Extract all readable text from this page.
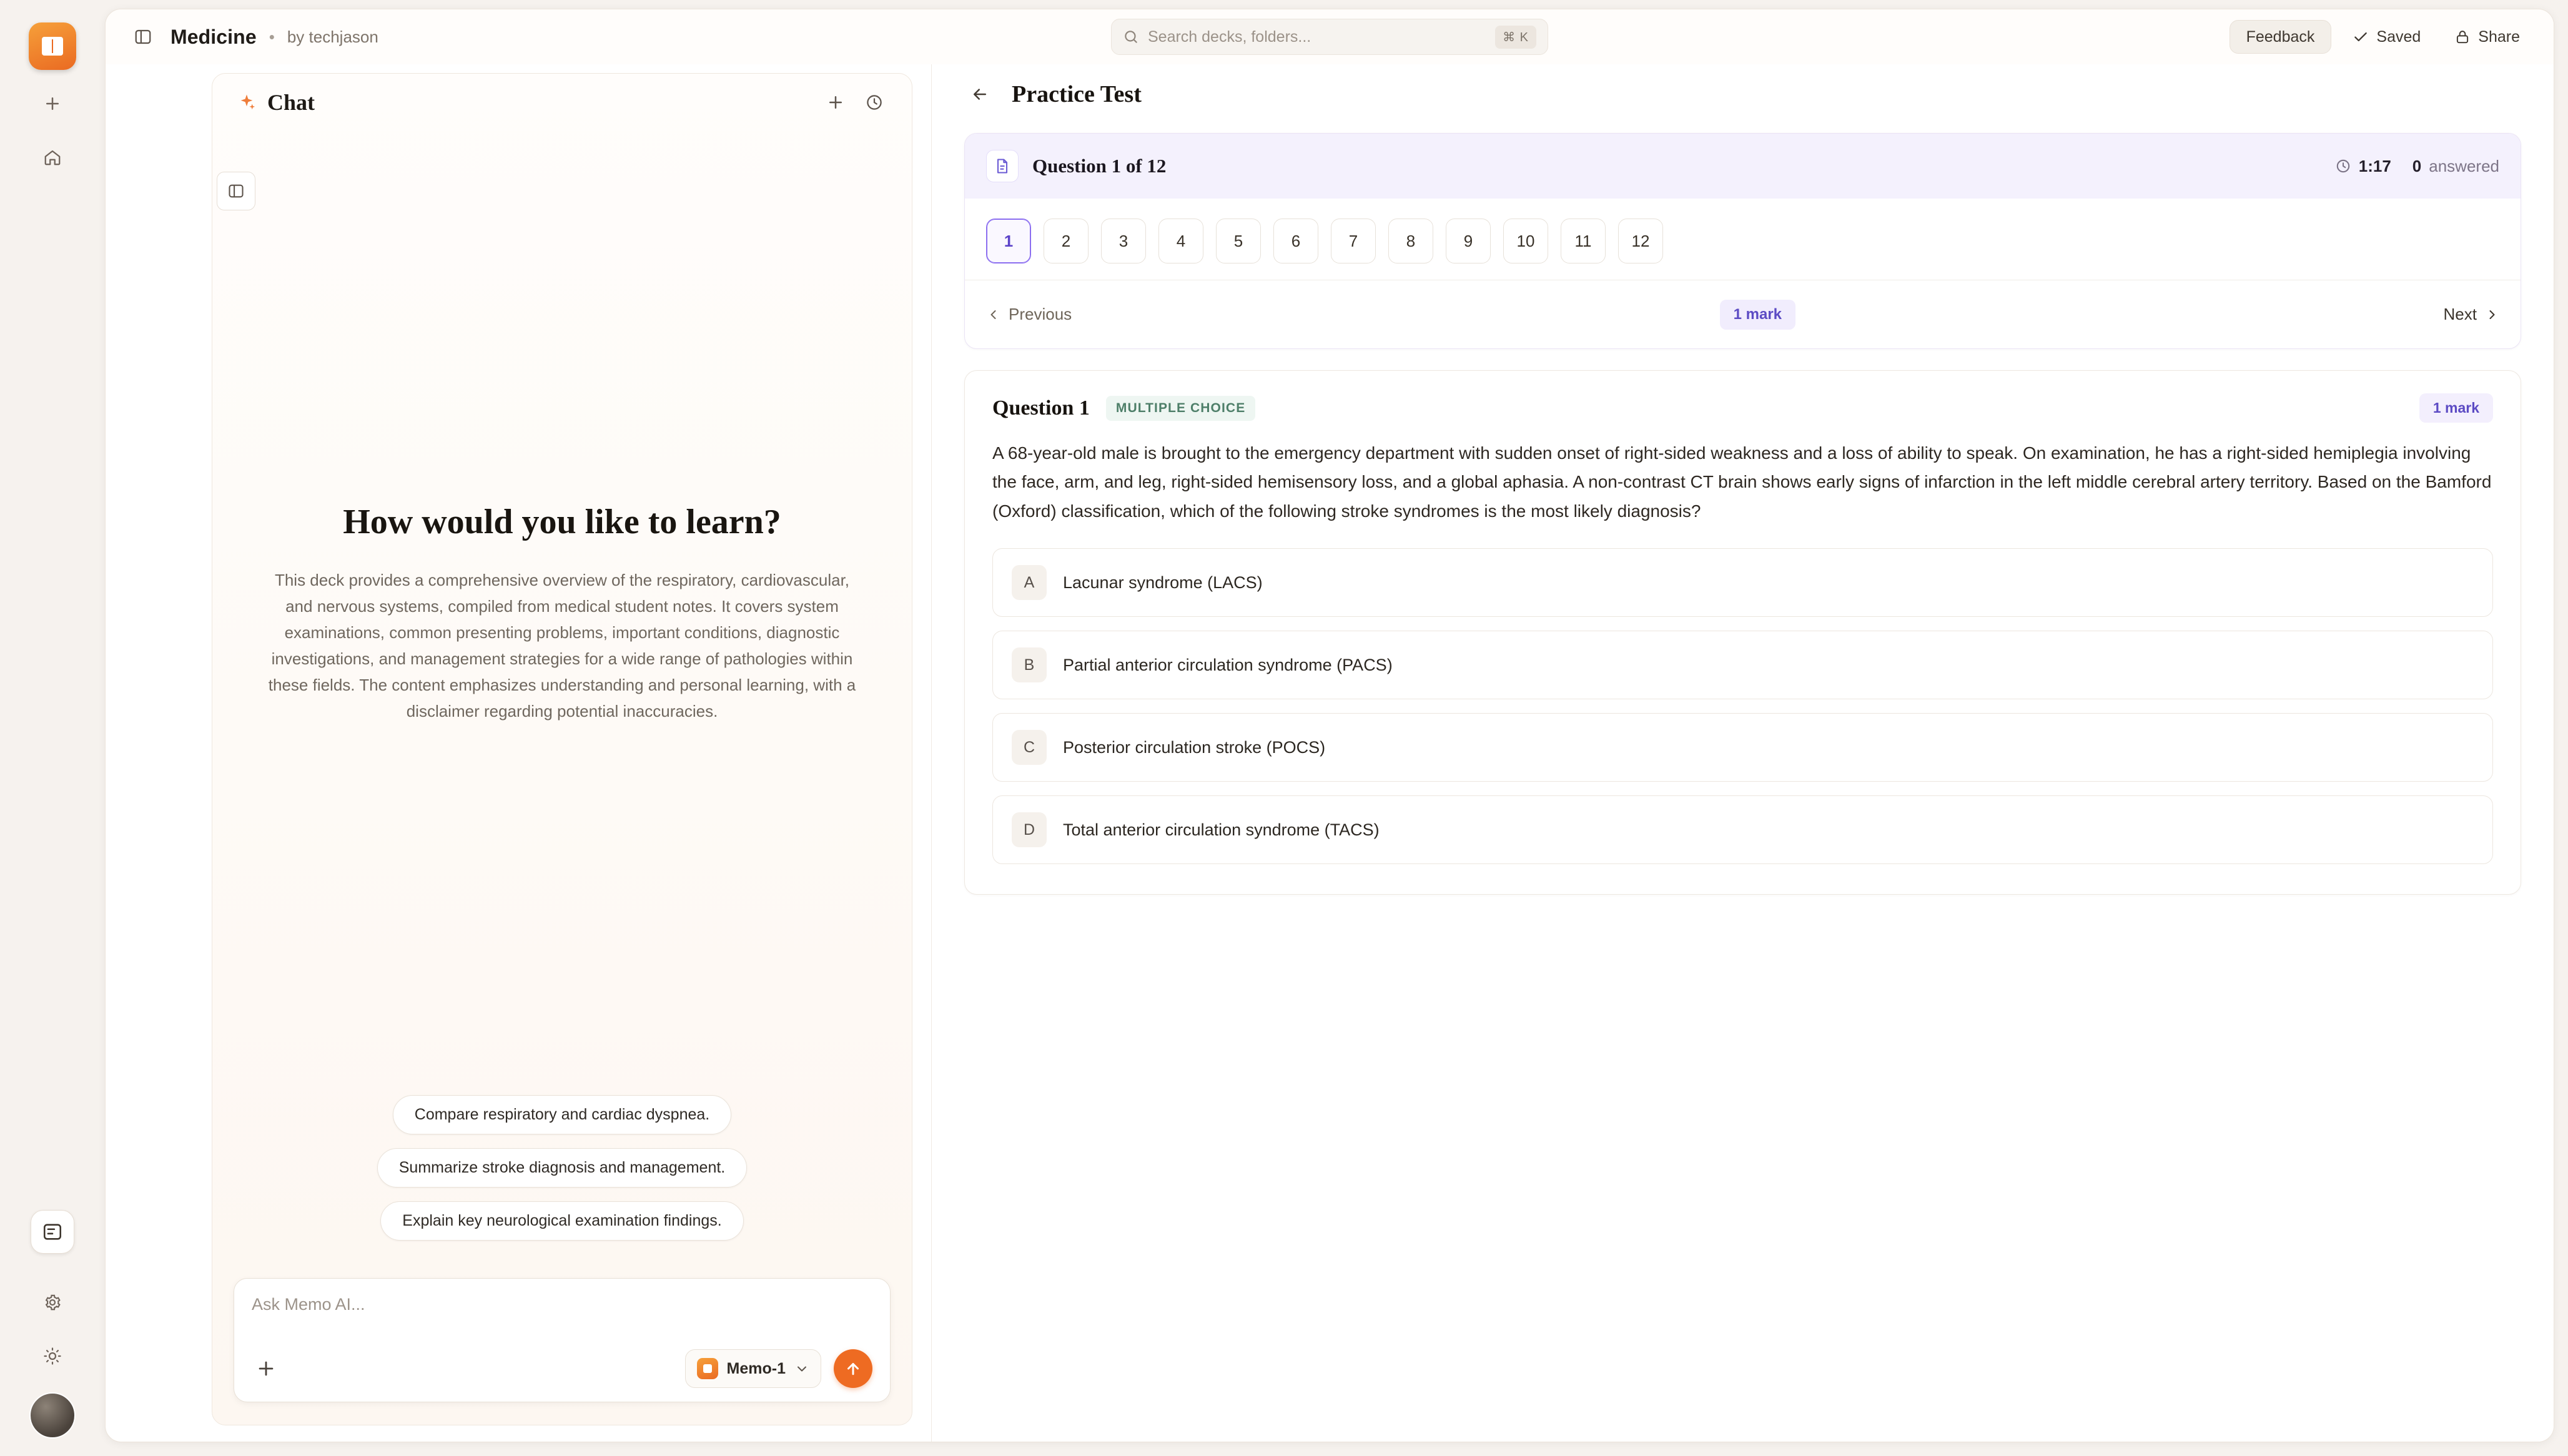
Medicine • by techjason
Search decks, folders...	⌘ K	Feedback	Saved	Share
Chat
How would you like to learn?
This deck provides a comprehensive overview of the respiratory, cardiovascular, and nervous systems, compiled from medical student notes. It covers system examinations, common presenting problems, important conditions, diagnostic investigations, and management strategies for a wide range of pathologies within these fields. The content emphasizes understanding and personal learning, with a disclaimer regarding potential inaccuracies.
Compare respiratory and cardiac dyspnea.
Summarize stroke diagnosis and management.
Explain key neurological examination findings.
Ask Memo AI...
Memo-1
Practice Test
Question 1 of 12	1:17 0 answered
1	2	3	4	5	6	7	8	9	10	11	12
Previous	1 mark	Next
Question 1	MULTIPLE CHOICE	1 mark
A 68-year-old male is brought to the emergency department with sudden onset of right-sided weakness and a loss of ability to speak. On examination, he has a right-sided hemiplegia involving the face, arm, and leg, right-sided hemisensory loss, and a global aphasia. A non-contrast CT brain shows early signs of infarction in the left middle cerebral artery territory. Based on the Bamford (Oxford) classification, which of the following stroke syndromes is the most likely diagnosis?
A	Lacunar syndrome (LACS)
B	Partial anterior circulation syndrome (PACS)
C	Posterior circulation stroke (POCS)
D	Total anterior circulation syndrome (TACS)
